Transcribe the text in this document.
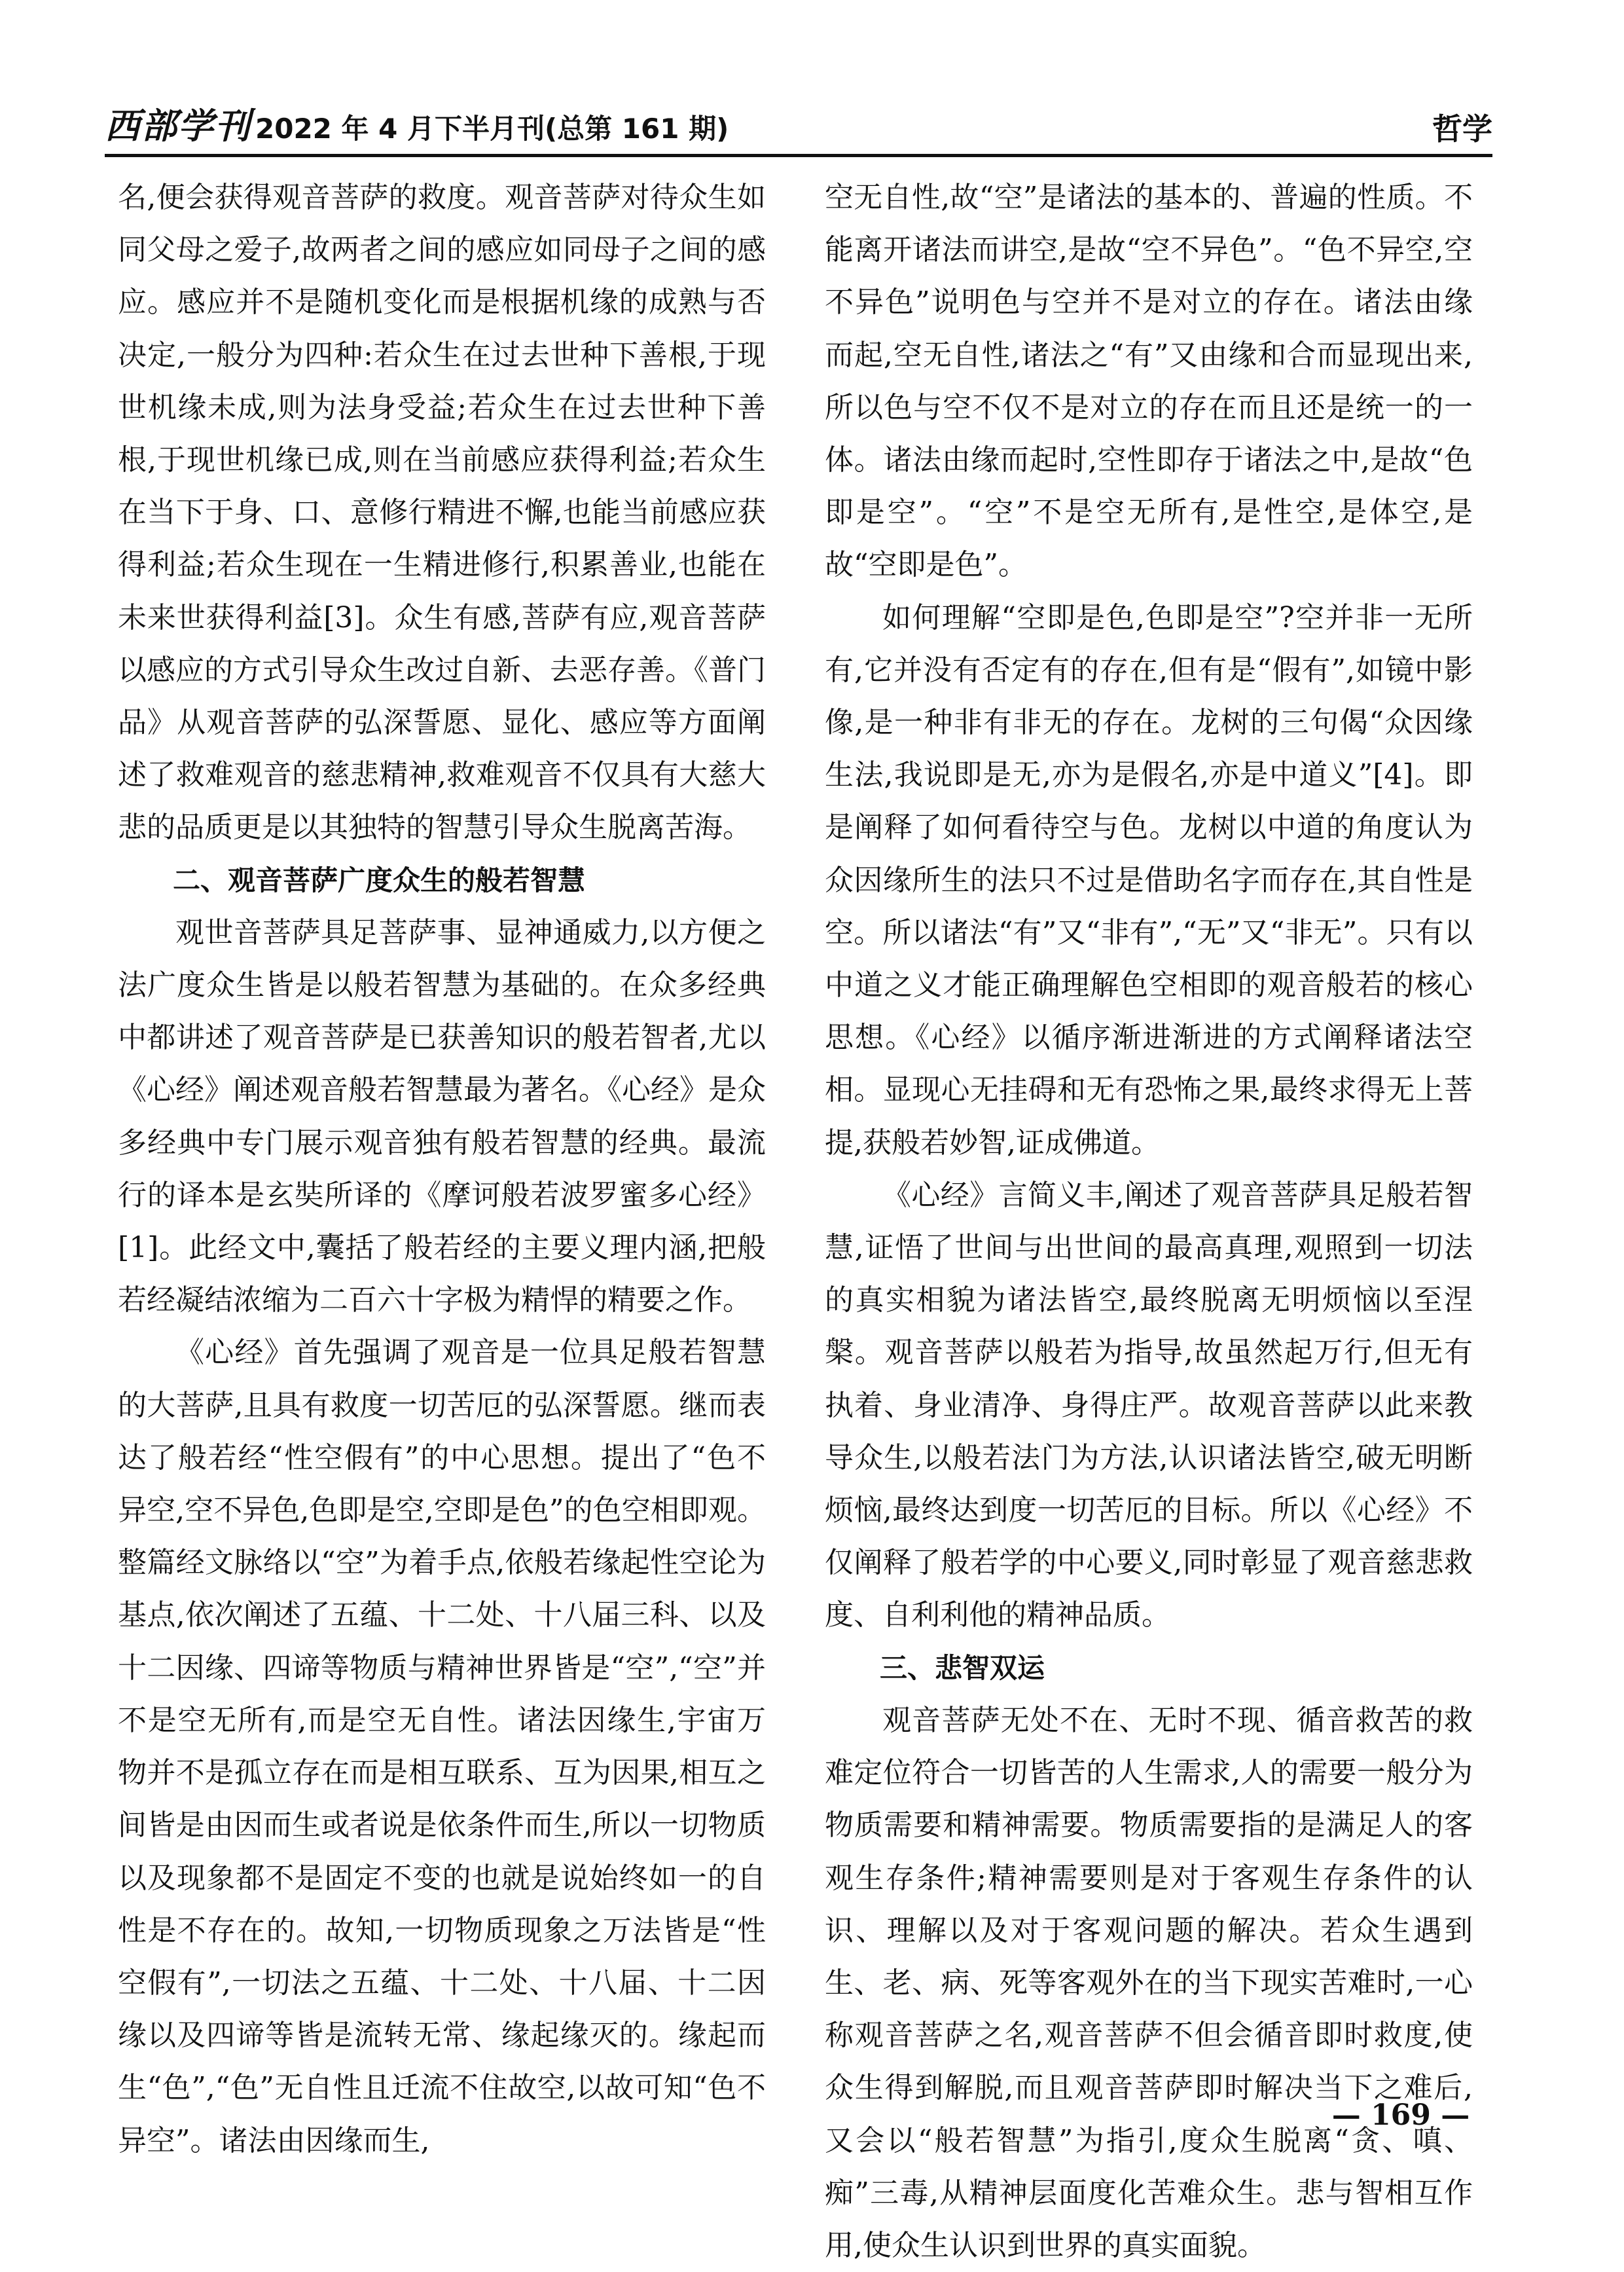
西部学刊 2022 年 4 月下半月刊(总第 161 期)	哲学

名,便会获得观音菩萨的救度。观音菩萨对待众生如同父母之爱子,故两者之间的感应如同母子之间的感应。感应并不是随机变化而是根据机缘的成熟与否决定,一般分为四种:若众生在过去世种下善根,于现世机缘未成,则为法身受益;若众生在过去世种下善根,于现世机缘已成,则在当前感应获得利益;若众生在当下于身、口、意修行精进不懈,也能当前感应获得利益;若众生现在一生精进修行,积累善业,也能在未来世获得利益[3]。众生有感,菩萨有应,观音菩萨以感应的方式引导众生改过自新、去恶存善。《普门品》从观音菩萨的弘深誓愿、显化、感应等方面阐述了救难观音的慈悲精神,救难观音不仅具有大慈大悲的品质更是以其独特的智慧引导众生脱离苦海。

二、观音菩萨广度众生的般若智慧

观世音菩萨具足菩萨事、显神通威力,以方便之法广度众生皆是以般若智慧为基础的。在众多经典中都讲述了观音菩萨是已获善知识的般若智者,尤以《心经》阐述观音般若智慧最为著名。《心经》是众多经典中专门展示观音独有般若智慧的经典。最流行的译本是玄奘所译的《摩诃般若波罗蜜多心经》[1]。此经文中,囊括了般若经的主要义理内涵,把般若经凝结浓缩为二百六十字极为精悍的精要之作。

《心经》首先强调了观音是一位具足般若智慧的大菩萨,且具有救度一切苦厄的弘深誓愿。继而表达了般若经“性空假有”的中心思想。提出了“色不异空,空不异色,色即是空,空即是色”的色空相即观。整篇经文脉络以“空”为着手点,依般若缘起性空论为基点,依次阐述了五蕴、十二处、十八届三科、以及十二因缘、四谛等物质与精神世界皆是“空”,“空”并不是空无所有,而是空无自性。诸法因缘生,宇宙万物并不是孤立存在而是相互联系、互为因果,相互之间皆是由因而生或者说是依条件而生,所以一切物质以及现象都不是固定不变的也就是说始终如一的自性是不存在的。故知,一切物质现象之万法皆是“性空假有”,一切法之五蕴、十二处、十八届、十二因缘以及四谛等皆是流转无常、缘起缘灭的。缘起而生“色”,“色”无自性且迁流不住故空,以故可知“色不异空”。诸法由因缘而生,

空无自性,故“空”是诸法的基本的、普遍的性质。不能离开诸法而讲空,是故“空不异色”。“色不异空,空不异色”说明色与空并不是对立的存在。诸法由缘而起,空无自性,诸法之“有”又由缘和合而显现出来,所以色与空不仅不是对立的存在而且还是统一的一体。诸法由缘而起时,空性即存于诸法之中,是故“色即是空”。“空”不是空无所有,是性空,是体空,是故“空即是色”。

如何理解“空即是色,色即是空”?空并非一无所有,它并没有否定有的存在,但有是“假有”,如镜中影像,是一种非有非无的存在。龙树的三句偈“众因缘生法,我说即是无,亦为是假名,亦是中道义”[4]。即是阐释了如何看待空与色。龙树以中道的角度认为众因缘所生的法只不过是借助名字而存在,其自性是空。所以诸法“有”又“非有”,“无”又“非无”。只有以中道之义才能正确理解色空相即的观音般若的核心思想。《心经》以循序渐进渐进的方式阐释诸法空相。显现心无挂碍和无有恐怖之果,最终求得无上菩提,获般若妙智,证成佛道。

《心经》言简义丰,阐述了观音菩萨具足般若智慧,证悟了世间与出世间的最高真理,观照到一切法的真实相貌为诸法皆空,最终脱离无明烦恼以至涅槃。观音菩萨以般若为指导,故虽然起万行,但无有执着、身业清净、身得庄严。故观音菩萨以此来教导众生,以般若法门为方法,认识诸法皆空,破无明断烦恼,最终达到度一切苦厄的目标。所以《心经》不仅阐释了般若学的中心要义,同时彰显了观音慈悲救度、自利利他的精神品质。

三、悲智双运

观音菩萨无处不在、无时不现、循音救苦的救难定位符合一切皆苦的人生需求,人的需要一般分为物质需要和精神需要。物质需要指的是满足人的客观生存条件;精神需要则是对于客观生存条件的认识、理解以及对于客观问题的解决。若众生遇到生、老、病、死等客观外在的当下现实苦难时,一心称观音菩萨之名,观音菩萨不但会循音即时救度,使众生得到解脱,而且观音菩萨即时解决当下之难后,又会以“般若智慧”为指引,度众生脱离“贪、嗔、痴”三毒,从精神层面度化苦难众生。悲与智相互作用,使众生认识到世界的真实面貌。

— 169 —
